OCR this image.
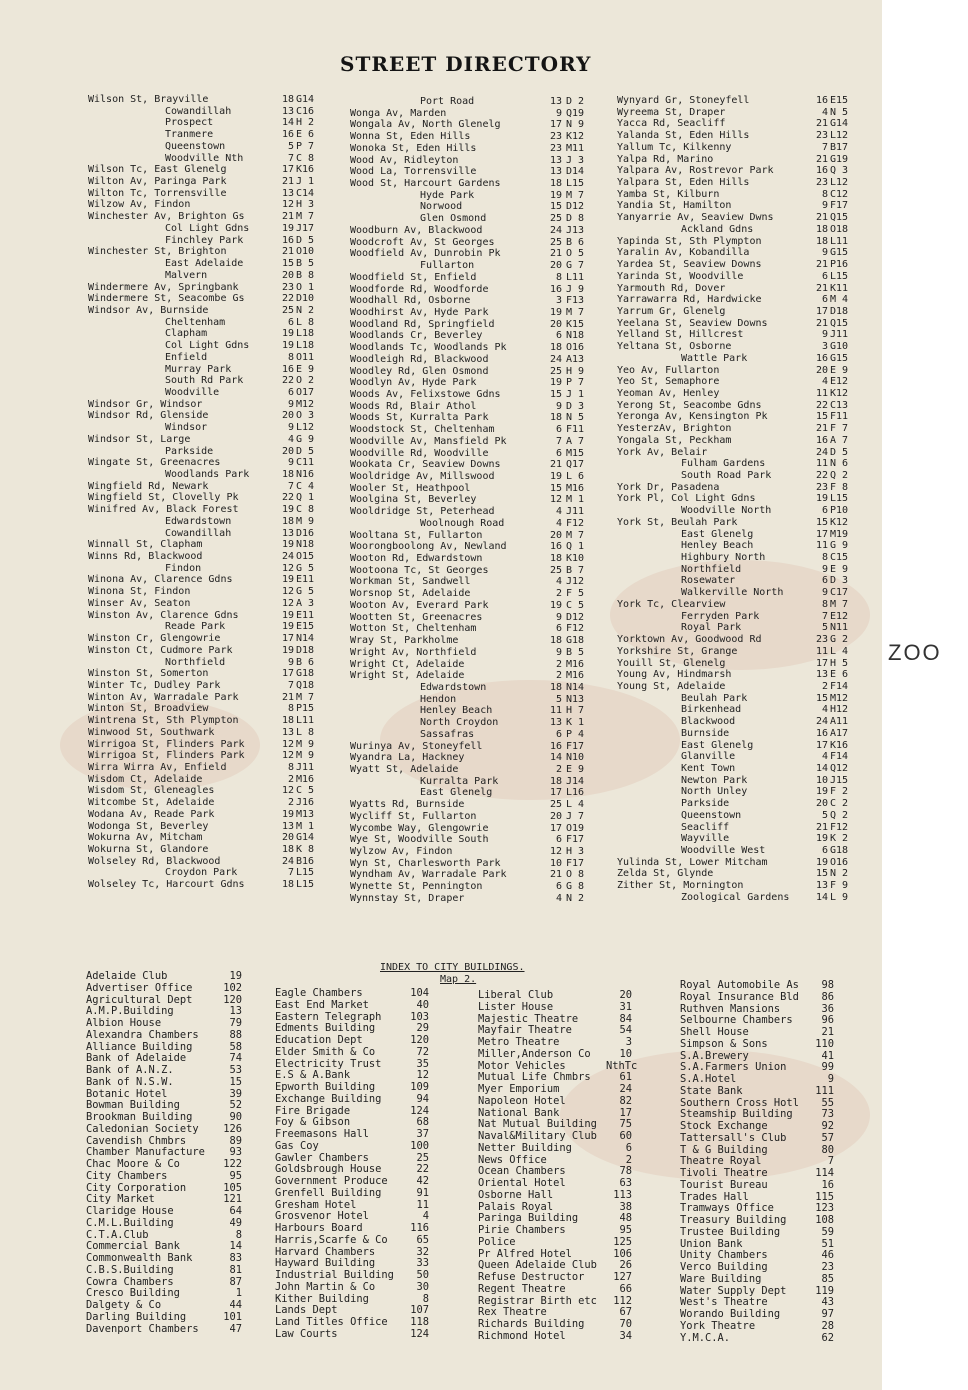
STREET DIRECTORY
ZOO
Wilson St, Brayville	18 G14
Cowandillah	13 C16
Prospect	14 H 2
Tranmere	16 E 6
Queenstown	5 P 7
Woodville Nth	7 C 8
Wilson Tc, East Glenelg	17 K16
Wilton Av, Paringa Park	21 J 1
Wilton Tc, Torrensville	13 C14
Wilzow Av, Findon	12 H 3
Winchester Av, Brighton Gs	21 M 7
Col Light Gdns	19 J17
Finchley Park	16 D 5
Winchester St, Brighton	21 O10
East Adelaide	15 B 5
Malvern	20 B 8
Windermere Av, Springbank	23 O 1
Windermere St, Seacombe Gs	22 D10
Windsor Av, Burnside	25 N 2
Cheltenham	6 L 8
Clapham	19 L18
Col Light Gdns	19 L18
Enfield	8 O11
Murray Park	16 E 9
South Rd Park	22 O 2
Woodville	6 O17
Windsor Gr, Windsor	9 M12
Windsor Rd, Glenside	20 O 3
Windsor	9 L12
Windsor St, Large	4 G 9
Parkside	20 D 5
Wingate St, Greenacres	9 C11
Woodlands Park	18 N16
Wingfield Rd, Newark	7 C 4
Wingfield St, Clovelly Pk	22 Q 1
Winifred Av, Black Forest	19 C 8
Edwardstown	18 M 9
Cowandillah	13 D16
Winnall St, Clapham	19 N18
Winns Rd, Blackwood	24 O15
Findon	12 G 5
Winona Av, Clarence Gdns	19 E11
Winona St, Findon	12 G 5
Winser Av, Seaton	12 A 3
Winston Av, Clarence Gdns	19 E11
Reade Park	19 E15
Winston Cr, Glengowrie	17 N14
Winston Ct, Cudmore Park	19 D18
Northfield	9 B 6
Winston St, Somerton	17 G18
Winter Tc, Dudley Park	7 Q18
Winton Av, Warradale Park	21 M 7
Winton St, Broadview	8 P15
Wintrena St, Sth Plympton	18 L11
Winwood St, Southwark	13 L 8
Wirrigoa St, Flinders Park	12 M 9
Wirrigoa St, Flinders Park	12 M 9
Wirra Wirra Av, Enfield	8 J11
Wisdom Ct, Adelaide	2 M16
Wisdom St, Gleneagles	12 C 5
Witcombe St, Adelaide	2 J16
Wodana Av, Reade Park	19 M13
Wodonga St, Beverley	13 M 1
Wokurna Av, Mitcham	20 G14
Wokurna St, Glandore	18 K 8
Wolseley Rd, Blackwood	24 B16
Croydon Park	7 L15
Wolseley Tc, Harcourt Gdns	18 L15
Port Road	13 D 2
Wonga Av, Marden	9 Q19
Wongala Av, North Glenelg	17 N 9
Wonna St, Eden Hills	23 K12
Wonoka St, Eden Hills	23 M11
Wood Av, Ridleyton	13 J 3
Wood La, Torrensville	13 D14
Wood St, Harcourt Gardens	18 L15
Hyde Park	19 M 7
Norwood	15 D12
Glen Osmond	25 D 8
Woodburn Av, Blackwood	24 J13
Woodcroft Av, St Georges	25 B 6
Woodfield Av, Dunrobin Pk	21 O 5
Fullarton	20 G 7
Woodfield St, Enfield	8 L11
Woodforde Rd, Woodforde	16 J 9
Woodhall Rd, Osborne	3 F13
Woodhirst Av, Hyde Park	19 M 7
Woodland Rd, Springfield	20 K15
Woodlands Cr, Beverley	6 N18
Woodlands Tc, Woodlands Pk	18 O16
Woodleigh Rd, Blackwood	24 A13
Woodley Rd, Glen Osmond	25 H 9
Woodlyn Av, Hyde Park	19 P 7
Woods Av, Felixstowe Gdns	15 J 1
Woods Rd, Blair Athol	9 D 3
Woods St, Kurralta Park	18 N 5
Woodstock St, Cheltenham	6 F11
Woodville Av, Mansfield Pk	7 A 7
Woodville Rd, Woodville	6 M15
Wookata Cr, Seaview Downs	21 Q17
Wooldridge Av, Millswood	19 L 6
Wooler St, Heathpool	15 M16
Woolgina St, Beverley	12 M 1
Wooldridge St, Peterhead	4 J11
Woolnough Road	4 F12
Wooltana St, Fullarton	20 M 7
Woorongboolong Av, Newland	16 Q 1
Wooton Rd, Edwardstown	18 K10
Wootoona Tc, St Georges	25 B 7
Workman St, Sandwell	4 J12
Worsnop St, Adelaide	2 F 5
Wooton Av, Everard Park	19 C 5
Wootten St, Greenacres	9 D12
Wotton St, Cheltenham	6 F12
Wray St, Parkholme	18 G18
Wright Av, Northfield	9 B 5
Wright Ct, Adelaide	2 M16
Wright St, Adelaide	2 M16
Edwardstown	18 N14
Hendon	5 N13
Henley Beach	11 H 7
North Croydon	13 K 1
Sassafras	6 P 4
Wurinya Av, Stoneyfell	16 F17
Wyandra La, Hackney	14 N10
Wyatt St, Adelaide	2 E 9
Kurralta Park	18 J14
East Glenelg	17 L16
Wyatts Rd, Burnside	25 L 4
Wycliff St, Fullarton	20 J 7
Wycombe Way, Glengowrie	17 O19
Wye St, Woodville South	6 F17
Wylzow Av, Findon	12 H 3
Wyn St, Charlesworth Park	10 F17
Wyndham Av, Warradale Park	21 O 8
Wynette St, Pennington	6 G 8
Wynnstay St, Draper	4 N 2
Wynyard Gr, Stoneyfell	16 E15
Wyreema St, Draper	4 N 5
Yacca Rd, Seacliff	21 G14
Yalanda St, Eden Hills	23 L12
Yallum Tc, Kilkenny	7 B17
Yalpa Rd, Marino	21 G19
Yalpara Av, Rostrevor Park	16 Q 3
Yalpara St, Eden Hills	23 L12
Yamba St, Kilburn	8 C12
Yandia St, Hamilton	9 F17
Yanyarrie Av, Seaview Dwns	21 Q15
Ackland Gdns	18 O18
Yapinda St, Sth Plympton	18 L11
Yaralin Av, Kobandilla	9 G15
Yardea St, Seaview Downs	21 P16
Yarinda St, Woodville	6 L15
Yarmouth Rd, Dover	21 K11
Yarrawarra Rd, Hardwicke	6 M 4
Yarrum Gr, Glenelg	17 D18
Yeelana St, Seaview Downs	21 Q15
Yelland St, Hillcrest	9 J11
Yeltana St, Osborne	3 G10
Wattle Park	16 G15
Yeo Av, Fullarton	20 E 9
Yeo St, Semaphore	4 E12
Yeoman Av, Henley	11 K12
Yerong St, Seacombe Gdns	22 C13
Yeronga Av, Kensington Pk	15 F11
YesterzAv, Brighton	21 F 7
Yongala St, Peckham	16 A 7
York Av, Belair	24 D 5
Fulham Gardens	11 N 6
South Road Park	22 Q 2
York Dr, Pasadena	23 F 8
York Pl, Col Light Gdns	19 L15
Woodville North	6 P10
York St, Beulah Park	15 K12
East Glenelg	17 M19
Henley Beach	11 G 9
Highbury North	8 C15
Northfield	9 E 9
Rosewater	6 D 3
Walkerville North	9 C17
York Tc, Clearview	8 M 7
Ferryden Park	7 E12
Royal Park	5 N11
Yorktown Av, Goodwood Rd	23 G 2
Yorkshire St, Grange	11 L 4
Youill St, Glenelg	17 H 5
Young Av, Hindmarsh	13 E 6
Young St, Adelaide	2 F14
Beulah Park	15 M12
Birkenhead	4 H12
Blackwood	24 A11
Burnside	16 A17
East Glenelg	17 K16
Glanville	4 F14
Kent Town	14 Q12
Newton Park	10 J15
North Unley	19 F 2
Parkside	20 C 2
Queenstown	5 Q 2
Seacliff	21 F12
Wayville	19 K 2
Woodville West	6 G18
Yulinda St, Lower Mitcham	19 O16
Zelda St, Glynde	15 N 2
Zither St, Mornington	13 F 9
Zoological Gardens	14 L 9
INDEX TO CITY BUILDINGS.
Map 2.
Adelaide Club	19
Advertiser Office	102
Agricultural Dept	120
A.M.P.Building	13
Albion House	79
Alexandra Chambers	88
Alliance Building	58
Bank of Adelaide	74
Bank of A.N.Z.	53
Bank of N.S.W.	15
Botanic Hotel	39
Bowman Building	52
Brookman Building	90
Caledonian Society	126
Cavendish Chmbrs	89
Chamber Manufacture	93
Chac Moore & Co	122
City Chambers	95
City Corporation	105
City Market	121
Claridge House	64
C.M.L.Building	49
C.T.A.Club	8
Commercial Bank	14
Commonwealth Bank	83
C.B.S.Building	81
Cowra Chambers	87
Cresco Building	1
Dalgety & Co	44
Darling Building	101
Davenport Chambers	47
Eagle Chambers	104
East End Market	40
Eastern Telegraph	103
Edments Building	29
Education Dept	120
Elder Smith & Co	72
Electricity Trust	35
E.S & A.Bank	12
Epworth Building	109
Exchange Building	94
Fire Brigade	124
Foy & Gibson	68
Freemasons Hall	37
Gas Coy	100
Gawler Chambers	25
Goldsbrough House	22
Government Produce	42
Grenfell Building	91
Gresham Hotel	11
Grosvenor Hotel	4
Harbours Board	116
Harris,Scarfe & Co	65
Harvard Chambers	32
Hayward Building	33
Industrial Building	50
John Martin & Co	30
Kither Building	8
Lands Dept	107
Land Titles Office	118
Law Courts	124
Liberal Club	20
Lister House	31
Majestic Theatre	84
Mayfair Theatre	54
Metro Theatre	3
Miller,Anderson Co	10
Motor Vehicles	NthTc
Mutual Life Chmbrs	61
Myer Emporium	24
Napoleon Hotel	82
National Bank	17
Nat Mutual Building	75
Naval&Military Club	60
Netter Building	6
News Office	2
Ocean Chambers	78
Oriental Hotel	63
Osborne Hall	113
Palais Royal	38
Paringa Building	48
Pirie Chambers	95
Police	125
Pr Alfred Hotel	106
Queen Adelaide Club	26
Refuse Destructor	127
Regent Theatre	66
Registrar Birth etc	112
Rex Theatre	67
Richards Building	70
Richmond Hotel	34
Royal Automobile As	98
Royal Insurance Bld	86
Ruthven Mansions	36
Selbourne Chambers	96
Shell House	21
Simpson & Sons	110
S.A.Brewery	41
S.A.Farmers Union	99
S.A.Hotel	9
State Bank	111
Southern Cross Hotl	55
Steamship Building	73
Stock Exchange	92
Tattersall's Club	57
T & G Building	80
Theatre Royal	7
Tivoli Theatre	114
Tourist Bureau	16
Trades Hall	115
Tramways Office	123
Treasury Building	108
Trustee Building	59
Union Bank	51
Unity Chambers	46
Verco Building	23
Ware Building	85
Water Supply Dept	119
West's Theatre	43
Worando Building	97
York Theatre	28
Y.M.C.A.	62
